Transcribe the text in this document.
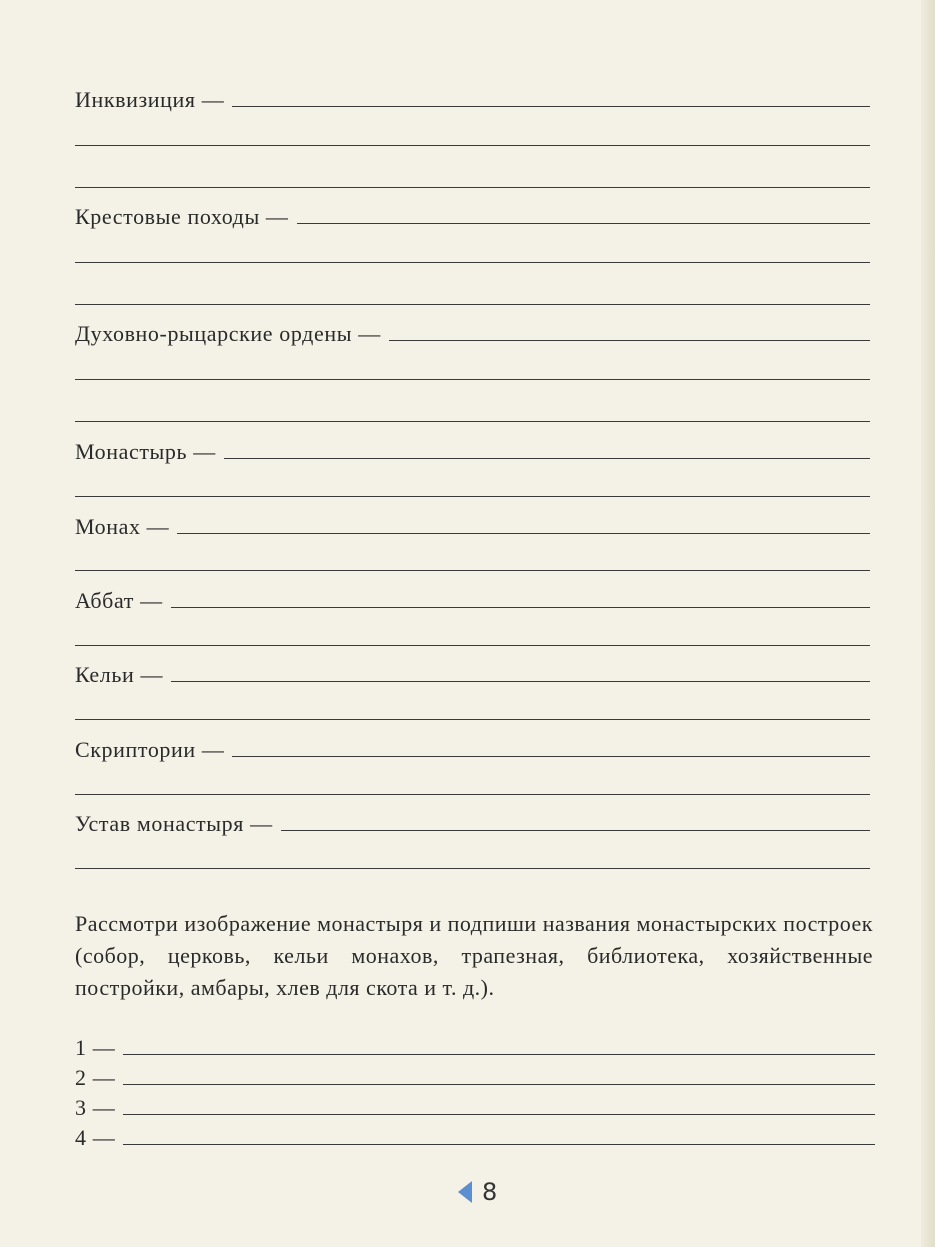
Инквизиция —
Крестовые походы —
Духовно-рыцарские ордены —
Монастырь —
Монах —
Аббат —
Кельи —
Скриптории —
Устав монастыря —
Рассмотри изображение монастыря и подпиши названия монастырских построек (собор, церковь, кельи монахов, трапезная, библиотека, хозяйственные постройки, амбары, хлев для скота и т. д.).
1 —
2 —
3 —
4 —
8
